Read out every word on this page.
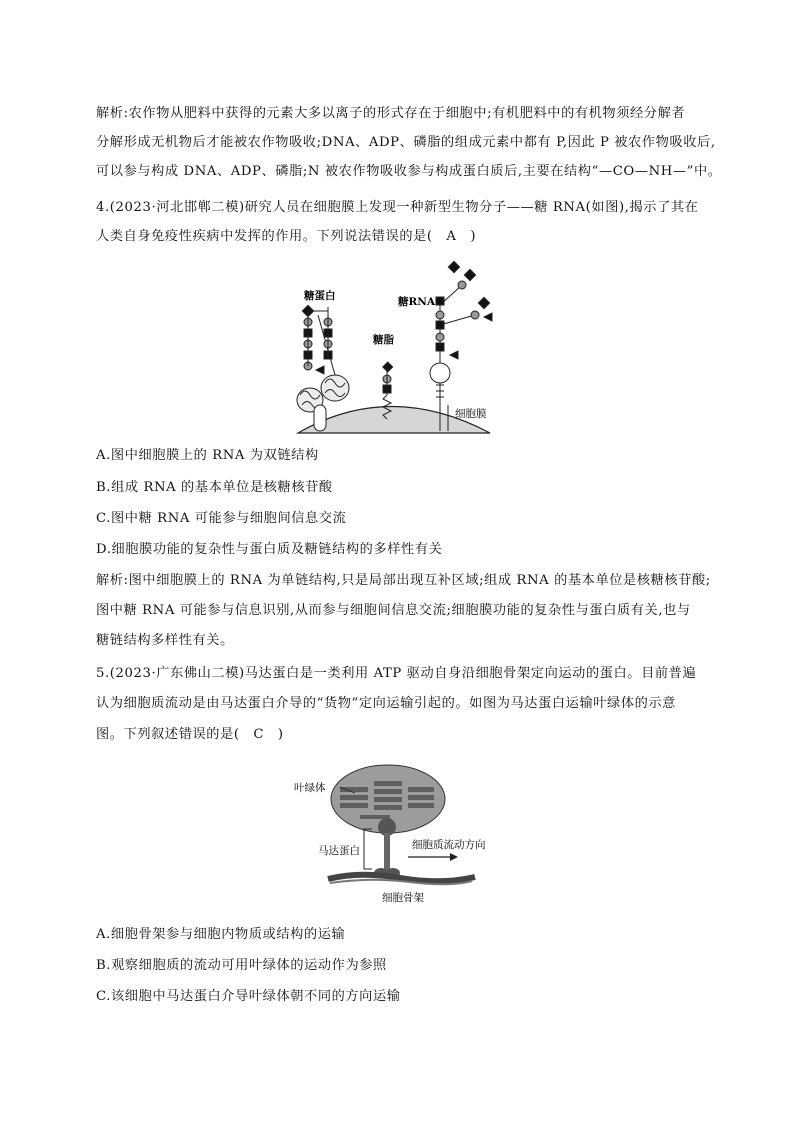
解析:农作物从肥料中获得的元素大多以离子的形式存在于细胞中;有机肥料中的有机物须经分解者
分解形成无机物后才能被农作物吸收;DNA、ADP、磷脂的组成元素中都有 P,因此 P 被农作物吸收后,
可以参与构成 DNA、ADP、磷脂;N 被农作物吸收参与构成蛋白质后,主要在结构“—CO—NH—”中。
4.(2023·河北邯郸二模)研究人员在细胞膜上发现一种新型生物分子——糖 RNA(如图),揭示了其在
人类自身免疫性疾病中发挥的作用。下列说法错误的是(　A　)
糖蛋白
糖脂
糖RNA
细胞膜
A.图中细胞膜上的 RNA 为双链结构
B.组成 RNA 的基本单位是核糖核苷酸
C.图中糖 RNA 可能参与细胞间信息交流
D.细胞膜功能的复杂性与蛋白质及糖链结构的多样性有关
解析:图中细胞膜上的 RNA 为单链结构,只是局部出现互补区域;组成 RNA 的基本单位是核糖核苷酸;
图中糖 RNA 可能参与信息识别,从而参与细胞间信息交流;细胞膜功能的复杂性与蛋白质有关,也与
糖链结构多样性有关。
5.(2023·广东佛山二模)马达蛋白是一类利用 ATP 驱动自身沿细胞骨架定向运动的蛋白。目前普遍
认为细胞质流动是由马达蛋白介导的“货物”定向运输引起的。如图为马达蛋白运输叶绿体的示意
图。下列叙述错误的是(　C　)
叶绿体
马达蛋白	细胞质流动方向
细胞骨架
A.细胞骨架参与细胞内物质或结构的运输
B.观察细胞质的流动可用叶绿体的运动作为参照
C.该细胞中马达蛋白介导叶绿体朝不同的方向运输
